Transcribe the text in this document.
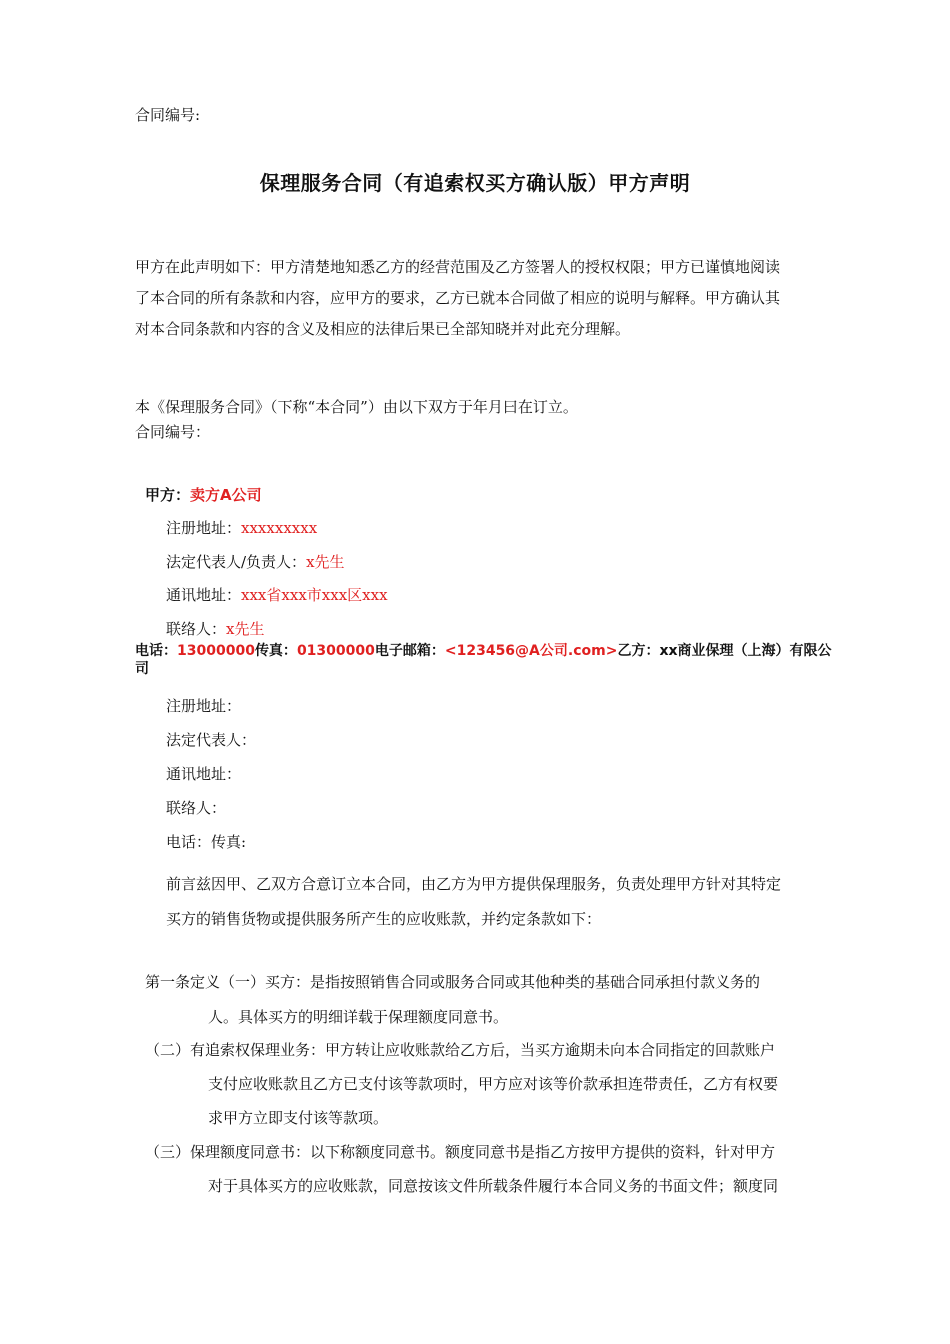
合同编号:
保理服务合同（有追索权买方确认版）甲方声明
甲方在此声明如下：甲方清楚地知悉乙方的经营范围及乙方签署人的授权权限；甲方已谨慎地阅读
了本合同的所有条款和内容，应甲方的要求，乙方已就本合同做了相应的说明与解释。甲方确认其
对本合同条款和内容的含义及相应的法律后果已全部知晓并对此充分理解。
本《保理服务合同》（下称“本合同”）由以下双方于年月曰在订立。
合同编号：
甲方：卖方A公司
注册地址：xxxxxxxxx
法定代表人/负责人：x先生
通讯地址：xxx省xxx市xxx区xxx
联络人：x先生
电话：13000000传真：01300000电子邮箱：<123456@A公司.com>乙方：xx商业保理（上海）有限公司
注册地址：
法定代表人：
通讯地址：
联络人：
电话：传真:
前言兹因甲、乙双方合意订立本合同，由乙方为甲方提供保理服务，负责处理甲方针对其特定
买方的销售货物或提供服务所产生的应收账款，并约定条款如下：
第一条定义（一）买方：是指按照销售合同或服务合同或其他种类的基础合同承担付款义务的
人。具体买方的明细详载于保理额度同意书。
（二）有追索权保理业务：甲方转让应收账款给乙方后，当买方逾期未向本合同指定的回款账户
支付应收账款且乙方已支付该等款项时，甲方应对该等价款承担连带责任，乙方有权要
求甲方立即支付该等款项。
（三）保理额度同意书：以下称额度同意书。额度同意书是指乙方按甲方提供的资料，针对甲方
对于具体买方的应收账款，同意按该文件所载条件履行本合同义务的书面文件；额度同
